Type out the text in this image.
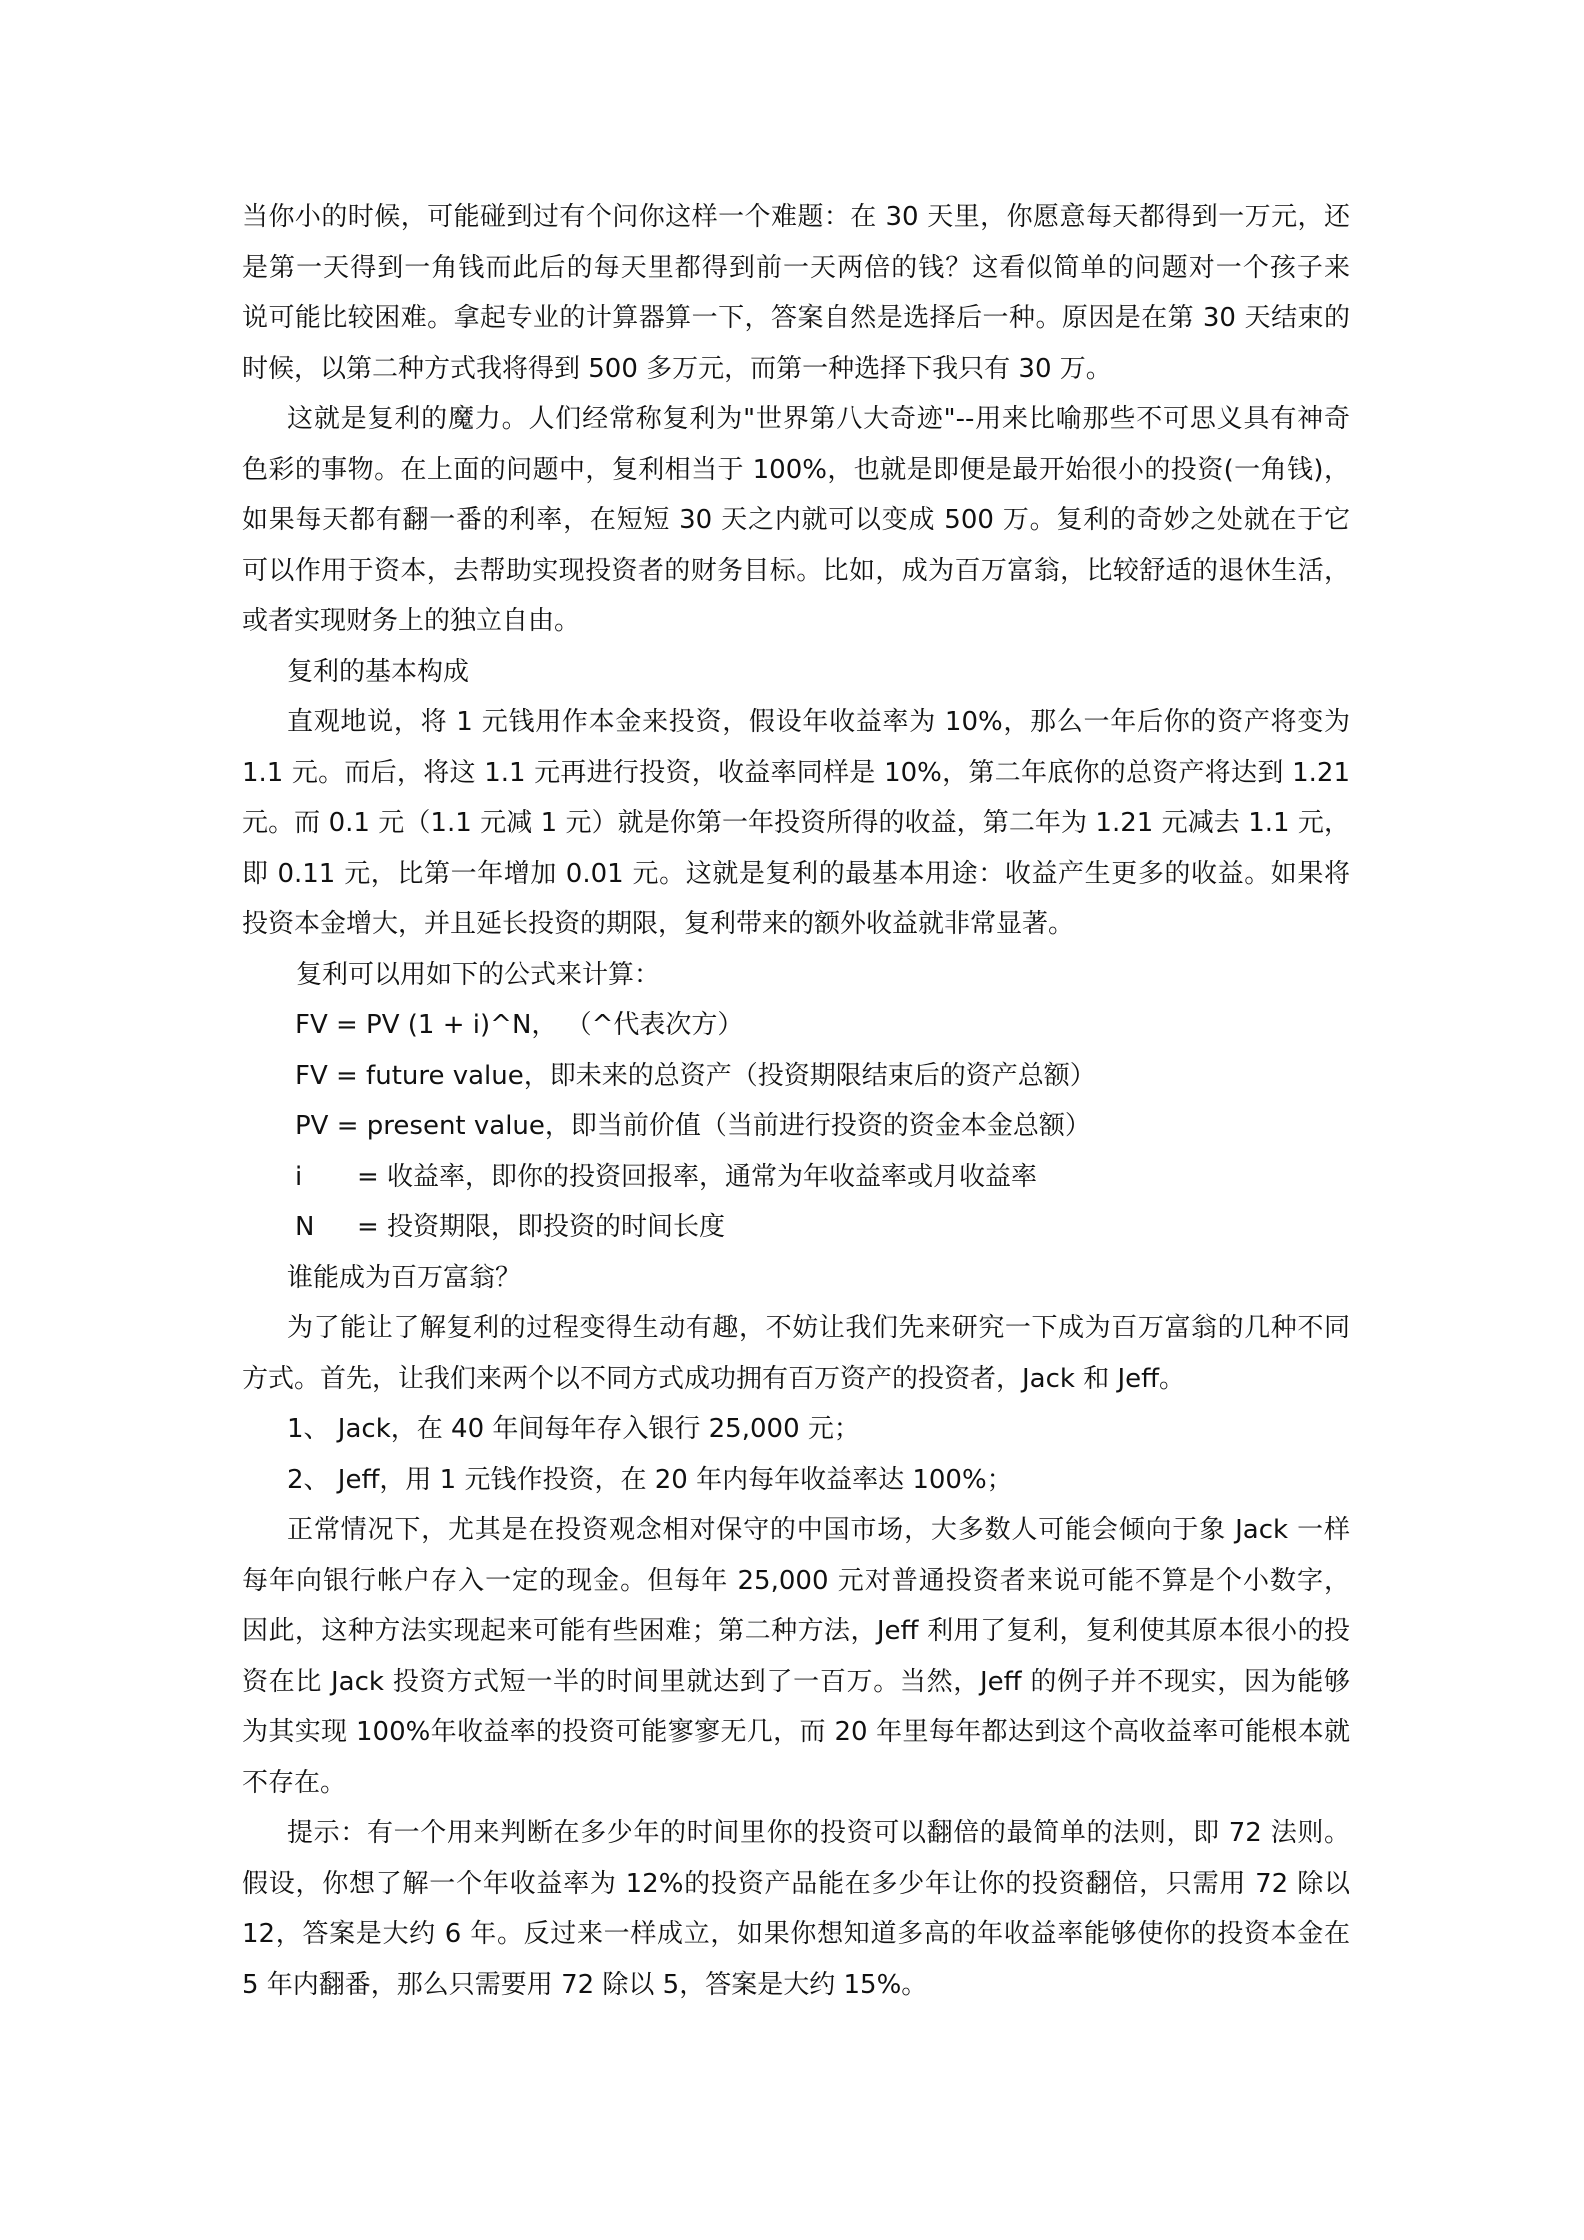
当你小的时候，可能碰到过有个问你这样一个难题：在 30 天里，你愿意每天都得到一万元，还
是第一天得到一角钱而此后的每天里都得到前一天两倍的钱？这看似简单的问题对一个孩子来
说可能比较困难。拿起专业的计算器算一下，答案自然是选择后一种。原因是在第 30 天结束的
时候，以第二种方式我将得到 500 多万元，而第一种选择下我只有 30 万。
这就是复利的魔力。人们经常称复利为"世界第八大奇迹"--用来比喻那些不可思义具有神奇
色彩的事物。在上面的问题中，复利相当于 100%，也就是即便是最开始很小的投资(一角钱)，
如果每天都有翻一番的利率，在短短 30 天之内就可以变成 500 万。复利的奇妙之处就在于它
可以作用于资本，去帮助实现投资者的财务目标。比如，成为百万富翁，比较舒适的退休生活，
或者实现财务上的独立自由。
复利的基本构成
直观地说，将 1 元钱用作本金来投资，假设年收益率为 10%，那么一年后你的资产将变为
1.1 元。而后，将这 1.1 元再进行投资，收益率同样是 10%，第二年底你的总资产将达到 1.21
元。而 0.1 元（1.1 元减 1 元）就是你第一年投资所得的收益，第二年为 1.21 元减去 1.1 元，
即 0.11 元，比第一年增加 0.01 元。这就是复利的最基本用途：收益产生更多的收益。如果将
投资本金增大，并且延长投资的期限，复利带来的额外收益就非常显著。
复利可以用如下的公式来计算：
FV = PV (1 + i)^N， （^代表次方）
FV = future value，即未来的总资产（投资期限结束后的资产总额）
PV = present value，即当前价值（当前进行投资的资金本金总额）
i = 收益率，即你的投资回报率，通常为年收益率或月收益率
N = 投资期限，即投资的时间长度
谁能成为百万富翁？
为了能让了解复利的过程变得生动有趣，不妨让我们先来研究一下成为百万富翁的几种不同
方式。首先，让我们来两个以不同方式成功拥有百万资产的投资者，Jack 和 Jeff。
1、 Jack，在 40 年间每年存入银行 25,000 元；
2、 Jeff，用 1 元钱作投资，在 20 年内每年收益率达 100%；
正常情况下，尤其是在投资观念相对保守的中国市场，大多数人可能会倾向于象 Jack 一样
每年向银行帐户存入一定的现金。但每年 25,000 元对普通投资者来说可能不算是个小数字，
因此，这种方法实现起来可能有些困难；第二种方法，Jeff 利用了复利，复利使其原本很小的投
资在比 Jack 投资方式短一半的时间里就达到了一百万。当然，Jeff 的例子并不现实，因为能够
为其实现 100%年收益率的投资可能寥寥无几，而 20 年里每年都达到这个高收益率可能根本就
不存在。
提示：有一个用来判断在多少年的时间里你的投资可以翻倍的最简单的法则，即 72 法则。
假设，你想了解一个年收益率为 12%的投资产品能在多少年让你的投资翻倍，只需用 72 除以
12，答案是大约 6 年。反过来一样成立，如果你想知道多高的年收益率能够使你的投资本金在
5 年内翻番，那么只需要用 72 除以 5，答案是大约 15%。
